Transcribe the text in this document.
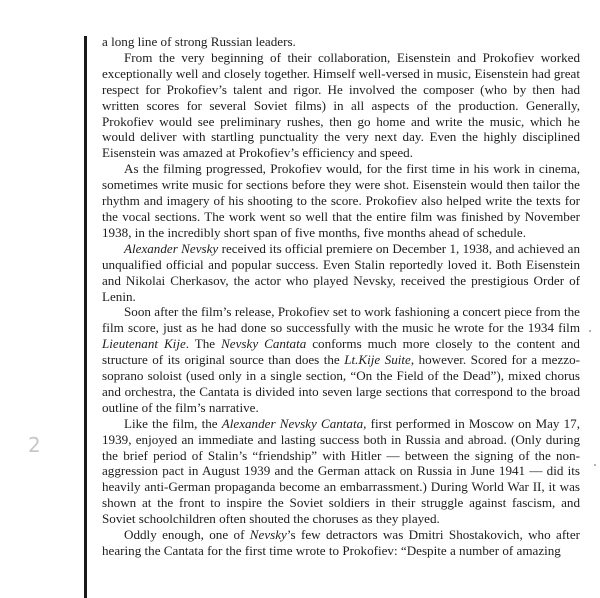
2

a long line of strong Russian leaders.

From the very beginning of their collaboration, Eisenstein and Prokofiev worked exceptionally well and closely together. Himself well-versed in music, Eisenstein had great respect for Prokofiev’s talent and rigor. He involved the composer (who by then had written scores for several Soviet films) in all aspects of the production. Generally, Prokofiev would see preliminary rushes, then go home and write the music, which he would deliver with startling punctuality the very next day. Even the highly disciplined Eisenstein was amazed at Prokofiev’s efficiency and speed.

As the filming progressed, Prokofiev would, for the first time in his work in cinema, sometimes write music for sections before they were shot. Eisenstein would then tailor the rhythm and imagery of his shooting to the score. Prokofiev also helped write the texts for the vocal sections. The work went so well that the entire film was finished by November 1938, in the incredibly short span of five months, five months ahead of schedule.

Alexander Nevsky received its official premiere on December 1, 1938, and achieved an unqualified official and popular success. Even Stalin reportedly loved it. Both Eisenstein and Nikolai Cherkasov, the actor who played Nevsky, received the prestigious Order of Lenin.

Soon after the film’s release, Prokofiev set to work fashioning a concert piece from the film score, just as he had done so successfully with the music he wrote for the 1934 film Lieutenant Kije. The Nevsky Cantata conforms much more closely to the content and structure of its original source than does the Lt.Kije Suite, however. Scored for a mezzo-soprano soloist (used only in a single section, “On the Field of the Dead”), mixed chorus and orchestra, the Cantata is divided into seven large sections that correspond to the broad outline of the film’s narrative.

Like the film, the Alexander Nevsky Cantata, first performed in Moscow on May 17, 1939, enjoyed an immediate and lasting success both in Russia and abroad. (Only during the brief period of Stalin’s “friendship” with Hitler — between the signing of the non-aggression pact in August 1939 and the German attack on Russia in June 1941 — did its heavily anti-German propaganda become an embarrassment.) During World War II, it was shown at the front to inspire the Soviet soldiers in their struggle against fascism, and Soviet schoolchildren often shouted the choruses as they played.

Oddly enough, one of Nevsky’s few detractors was Dmitri Shostakovich, who after hearing the Cantata for the first time wrote to Prokofiev: “Despite a number of amazing
